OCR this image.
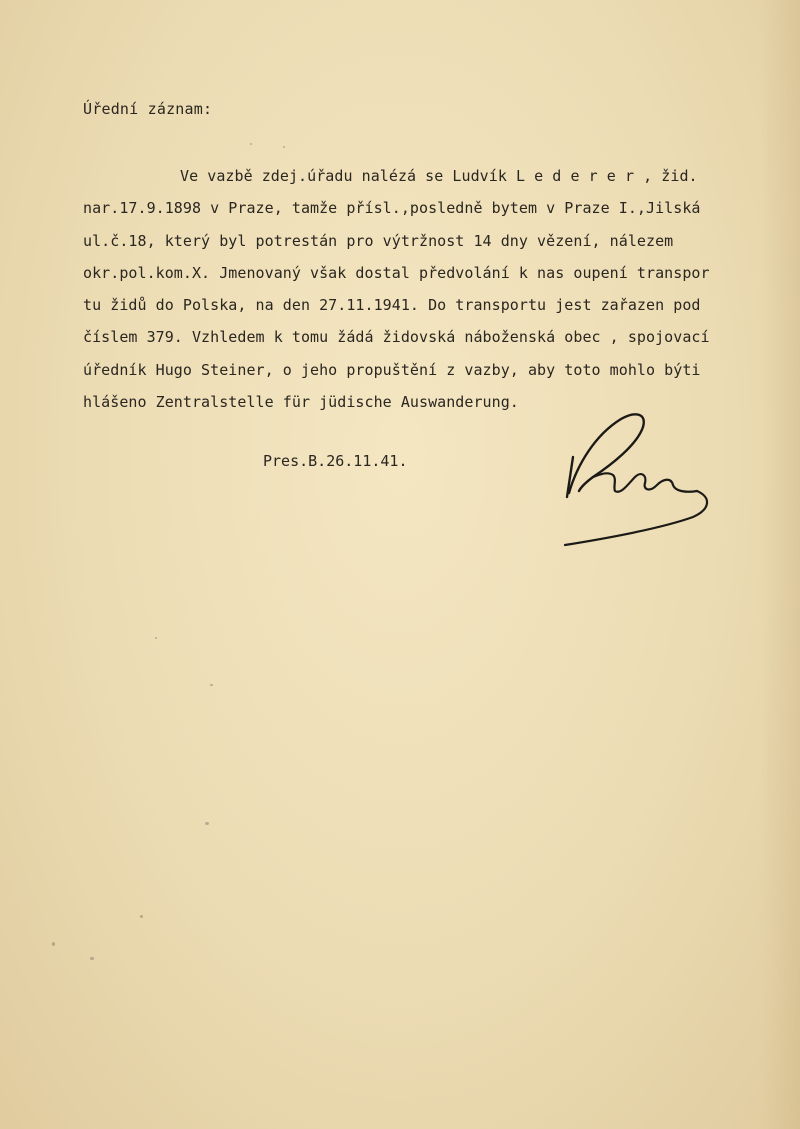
Úřední záznam:
Ve vazbě zdej.úřadu nalézá se Ludvík L e d e r e r , žid.
nar.17.9.1898 v Praze, tamže přísl.,posledně bytem v Praze I.,Jilská
ul.č.18, který byl potrestán pro výtržnost 14 dny vězení, nálezem
okr.pol.kom.X. Jmenovaný však dostal předvolání k nas oupení transpor
tu židů do Polska, na den 27.11.1941. Do transportu jest zařazen pod
číslem 379. Vzhledem k tomu žádá židovská náboženská obec , spojovací
úředník Hugo Steiner, o jeho propuštění z vazby, aby toto mohlo býti
hlášeno Zentralstelle für jüdische Auswanderung.
Pres.B.26.11.41.
